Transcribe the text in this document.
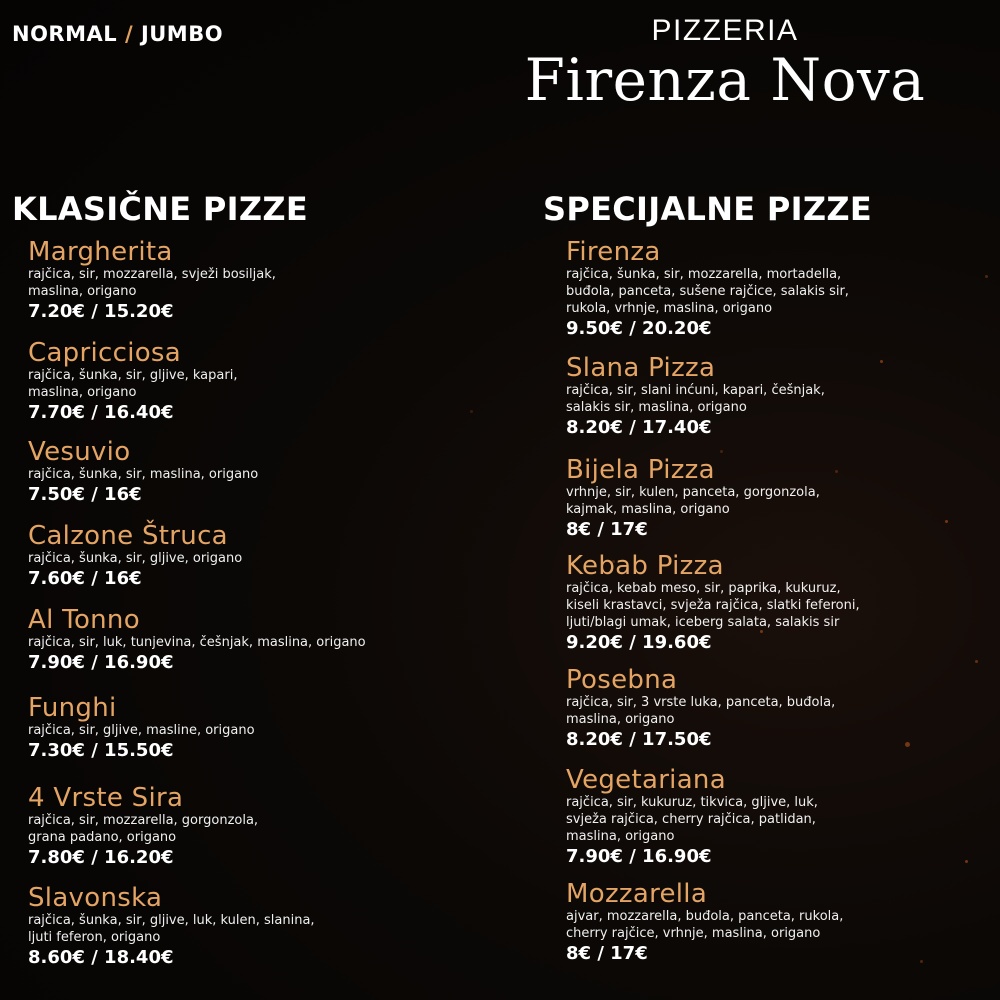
NORMAL / JUMBO	PIZZERIA
Firenza Nova
KLASIČNE PIZZE	SPECIJALNE PIZZE
Margherita
rajčica, sir, mozzarella, svježi bosiljak,
maslina, origano
7.20€ / 15.20€
Capricciosa
rajčica, šunka, sir, gljive, kapari,
maslina, origano
7.70€ / 16.40€
Vesuvio
rajčica, šunka, sir, maslina, origano
7.50€ / 16€
Calzone Štruca
rajčica, šunka, sir, gljive, origano
7.60€ / 16€
Al Tonno
rajčica, sir, luk, tunjevina, češnjak, maslina, origano
7.90€ / 16.90€
Funghi
rajčica, sir, gljive, masline, origano
7.30€ / 15.50€
4 Vrste Sira
rajčica, sir, mozzarella, gorgonzola,
grana padano, origano
7.80€ / 16.20€
Slavonska
rajčica, šunka, sir, gljive, luk, kulen, slanina,
ljuti feferon, origano
8.60€ / 18.40€
Firenza
rajčica, šunka, sir, mozzarella, mortadella,
buđola, panceta, sušene rajčice, salakis sir,
rukola, vrhnje, maslina, origano
9.50€ / 20.20€
Slana Pizza
rajčica, sir, slani inćuni, kapari, češnjak,
salakis sir, maslina, origano
8.20€ / 17.40€
Bijela Pizza
vrhnje, sir, kulen, panceta, gorgonzola,
kajmak, maslina, origano
8€ / 17€
Kebab Pizza
rajčica, kebab meso, sir, paprika, kukuruz,
kiseli krastavci, svježa rajčica, slatki feferoni,
ljuti/blagi umak, iceberg salata, salakis sir
9.20€ / 19.60€
Posebna
rajčica, sir, 3 vrste luka, panceta, buđola,
maslina, origano
8.20€ / 17.50€
Vegetariana
rajčica, sir, kukuruz, tikvica, gljive, luk,
svježa rajčica, cherry rajčica, patlidan,
maslina, origano
7.90€ / 16.90€
Mozzarella
ajvar, mozzarella, buđola, panceta, rukola,
cherry rajčice, vrhnje, maslina, origano
8€ / 17€
